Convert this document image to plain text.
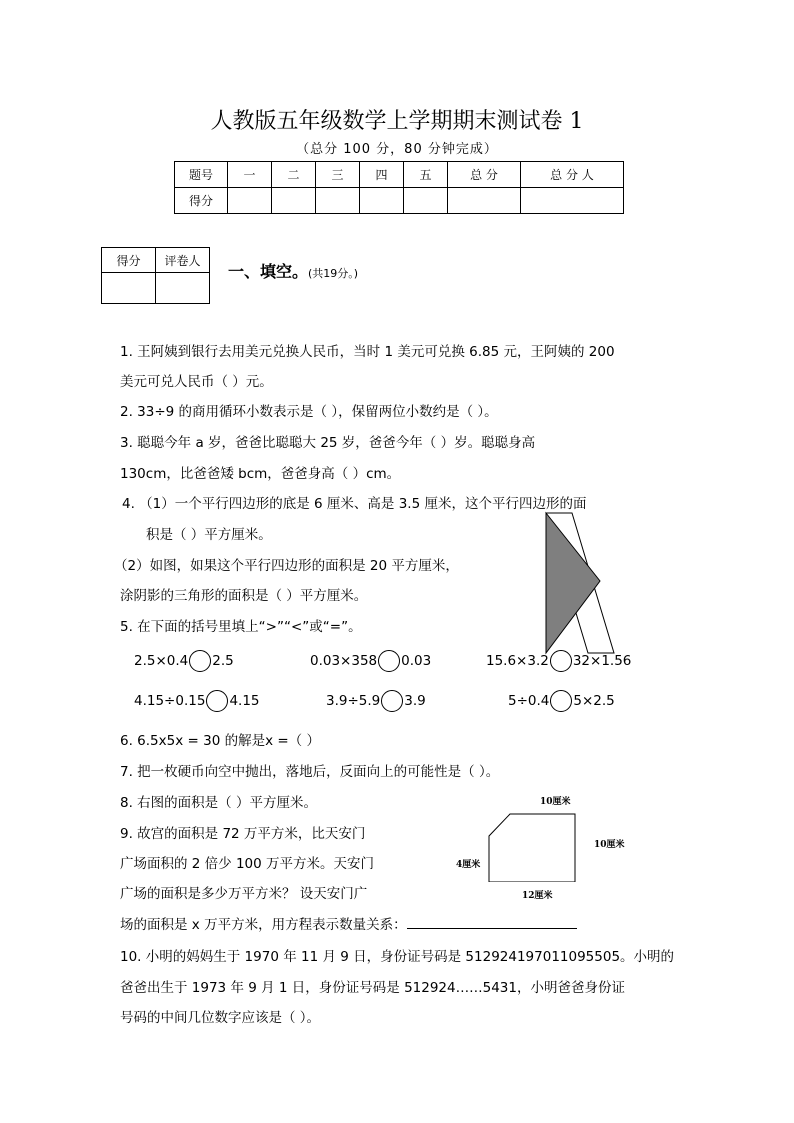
人教版五年级数学上学期期末测试卷 1
（总分 100 分，80 分钟完成）
题号	一	二	三	四	五	总 分	总 分 人
得分							
得分	评卷人

一、填空。(共19分。)
1. 王阿姨到银行去用美元兑换人民币，当时 1 美元可兑换 6.85 元，王阿姨的 200
美元可兑人民币（ ）元。
2. 33÷9 的商用循环小数表示是（ ），保留两位小数约是（ ）。
3. 聪聪今年 a 岁，爸爸比聪聪大 25 岁，爸爸今年（ ）岁。聪聪身高
130cm，比爸爸矮 bcm，爸爸身高（ ）cm。
4. （1）一个平行四边形的底是 6 厘米、高是 3.5 厘米，这个平行四边形的面
积是（ ）平方厘米。
（2）如图，如果这个平行四边形的面积是 20 平方厘米，
涂阴影的三角形的面积是（ ）平方厘米。
5. 在下面的括号里填上“>”“<”或“=”。
2.5×0.4 2.5	0.03×358 0.03	15.6×3.2 32×1.56
4.15÷0.15 4.15	3.9÷5.9 3.9	5÷0.4 5×2.5
6. 6.5x5x = 30 的解是x =（ ）
7. 把一枚硬币向空中抛出，落地后，反面向上的可能性是（ ）。
8. 右图的面积是（ ）平方厘米。
9. 故宫的面积是 72 万平方米，比天安门
广场面积的 2 倍少 100 万平方米。天安门
广场的面积是多少万平方米？ 设天安门广
场的面积是 x 万平方米，用方程表示数量关系：
10厘米
10厘米
4厘米
12厘米
10. 小明的妈妈生于 1970 年 11 月 9 日，身份证号码是 512924197011095505。小明的
爸爸出生于 1973 年 9 月 1 日，身份证号码是 512924……5431，小明爸爸身份证
号码的中间几位数字应该是（ ）。
